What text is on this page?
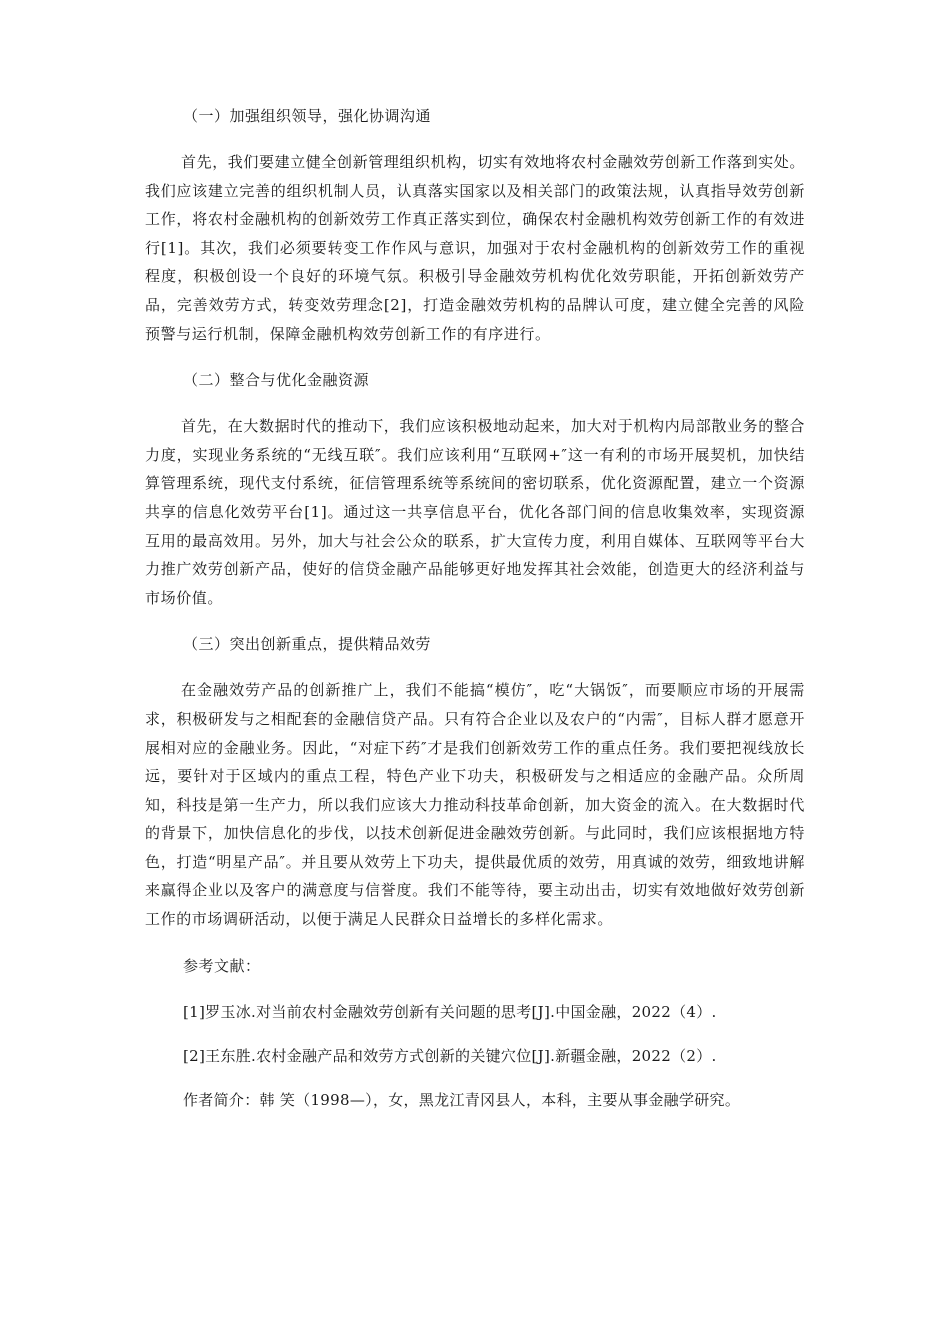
（一）加强组织领导，强化协调沟通
首先，我们要建立健全创新管理组织机构，切实有效地将农村金融效劳创新工作落到实处。我们应该建立完善的组织机制人员，认真落实国家以及相关部门的政策法规，认真指导效劳创新工作，将农村金融机构的创新效劳工作真正落实到位，确保农村金融机构效劳创新工作的有效进行[1]。其次，我们必须要转变工作作风与意识，加强对于农村金融机构的创新效劳工作的重视程度，积极创设一个良好的环境气氛。积极引导金融效劳机构优化效劳职能，开拓创新效劳产品，完善效劳方式，转变效劳理念[2]，打造金融效劳机构的品牌认可度，建立健全完善的风险预警与运行机制，保障金融机构效劳创新工作的有序进行。
（二）整合与优化金融资源
首先，在大数据时代的推动下，我们应该积极地动起来，加大对于机构内局部散业务的整合力度，实现业务系统的“无线互联″。我们应该利用“互联网+″这一有利的市场开展契机，加快结算管理系统，现代支付系统，征信管理系统等系统间的密切联系，优化资源配置，建立一个资源共享的信息化效劳平台[1]。通过这一共享信息平台，优化各部门间的信息收集效率，实现资源互用的最高效用。另外，加大与社会公众的联系，扩大宣传力度，利用自媒体、互联网等平台大力推广效劳创新产品，使好的信贷金融产品能够更好地发挥其社会效能，创造更大的经济利益与市场价值。
（三）突出创新重点，提供精品效劳
在金融效劳产品的创新推广上，我们不能搞“模仿″，吃“大锅饭″，而要顺应市场的开展需求，积极研发与之相配套的金融信贷产品。只有符合企业以及农户的“内需″，目标人群才愿意开展相对应的金融业务。因此，“对症下药″才是我们创新效劳工作的重点任务。我们要把视线放长远，要针对于区域内的重点工程，特色产业下功夫，积极研发与之相适应的金融产品。众所周知，科技是第一生产力，所以我们应该大力推动科技革命创新，加大资金的流入。在大数据时代的背景下，加快信息化的步伐，以技术创新促进金融效劳创新。与此同时，我们应该根据地方特色，打造“明星产品″。并且要从效劳上下功夫，提供最优质的效劳，用真诚的效劳，细致地讲解来赢得企业以及客户的满意度与信誉度。我们不能等待，要主动出击，切实有效地做好效劳创新工作的市场调研活动，以便于满足人民群众日益增长的多样化需求。
参考文献：
[1]罗玉冰.对当前农村金融效劳创新有关问题的思考[J].中国金融，2022（4）.
[2]王东胜.农村金融产品和效劳方式创新的关键穴位[J].新疆金融，2022（2）.
作者简介：韩 笑（1998—），女，黑龙江青冈县人，本科，主要从事金融学研究。
